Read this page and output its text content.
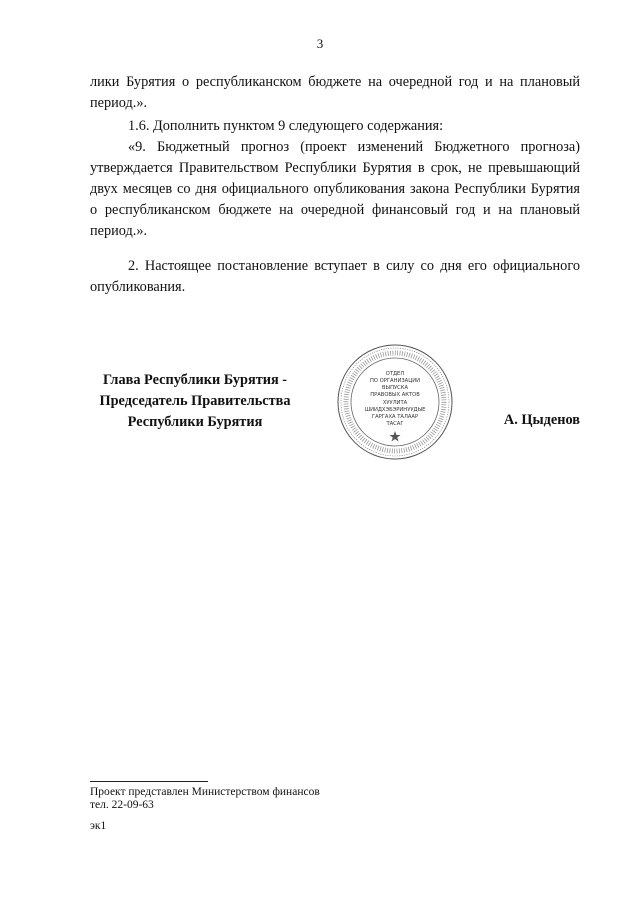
3

лики Бурятия о республиканском бюджете на очередной год и на плановый период.».

1.6. Дополнить пунктом 9 следующего содержания:

«9. Бюджетный прогноз (проект изменений Бюджетного прогноза) утверждается Правительством Республики Бурятия в срок, не превышающий двух месяцев со дня официального опубликования закона Республики Бурятия о республиканском бюджете на очередной финансовый год и на плановый период.».

2. Настоящее постановление вступает в силу со дня его официального опубликования.

Глава Республики Бурятия -
Председатель Правительства
Республики Бурятия
ОТДЕЛ
ПО ОРГАНИЗАЦИИ
ВЫПУСКА
ПРАВОВЫХ АКТОВ
ХУУЛИТА
ШИИДХЭБЭРИНУУДЫЕ
ГАРГАХА ТАЛААР
ТАСАГ	А. Цыденов
Проект представлен Министерством финансов
тел. 22-09-63
эк1
